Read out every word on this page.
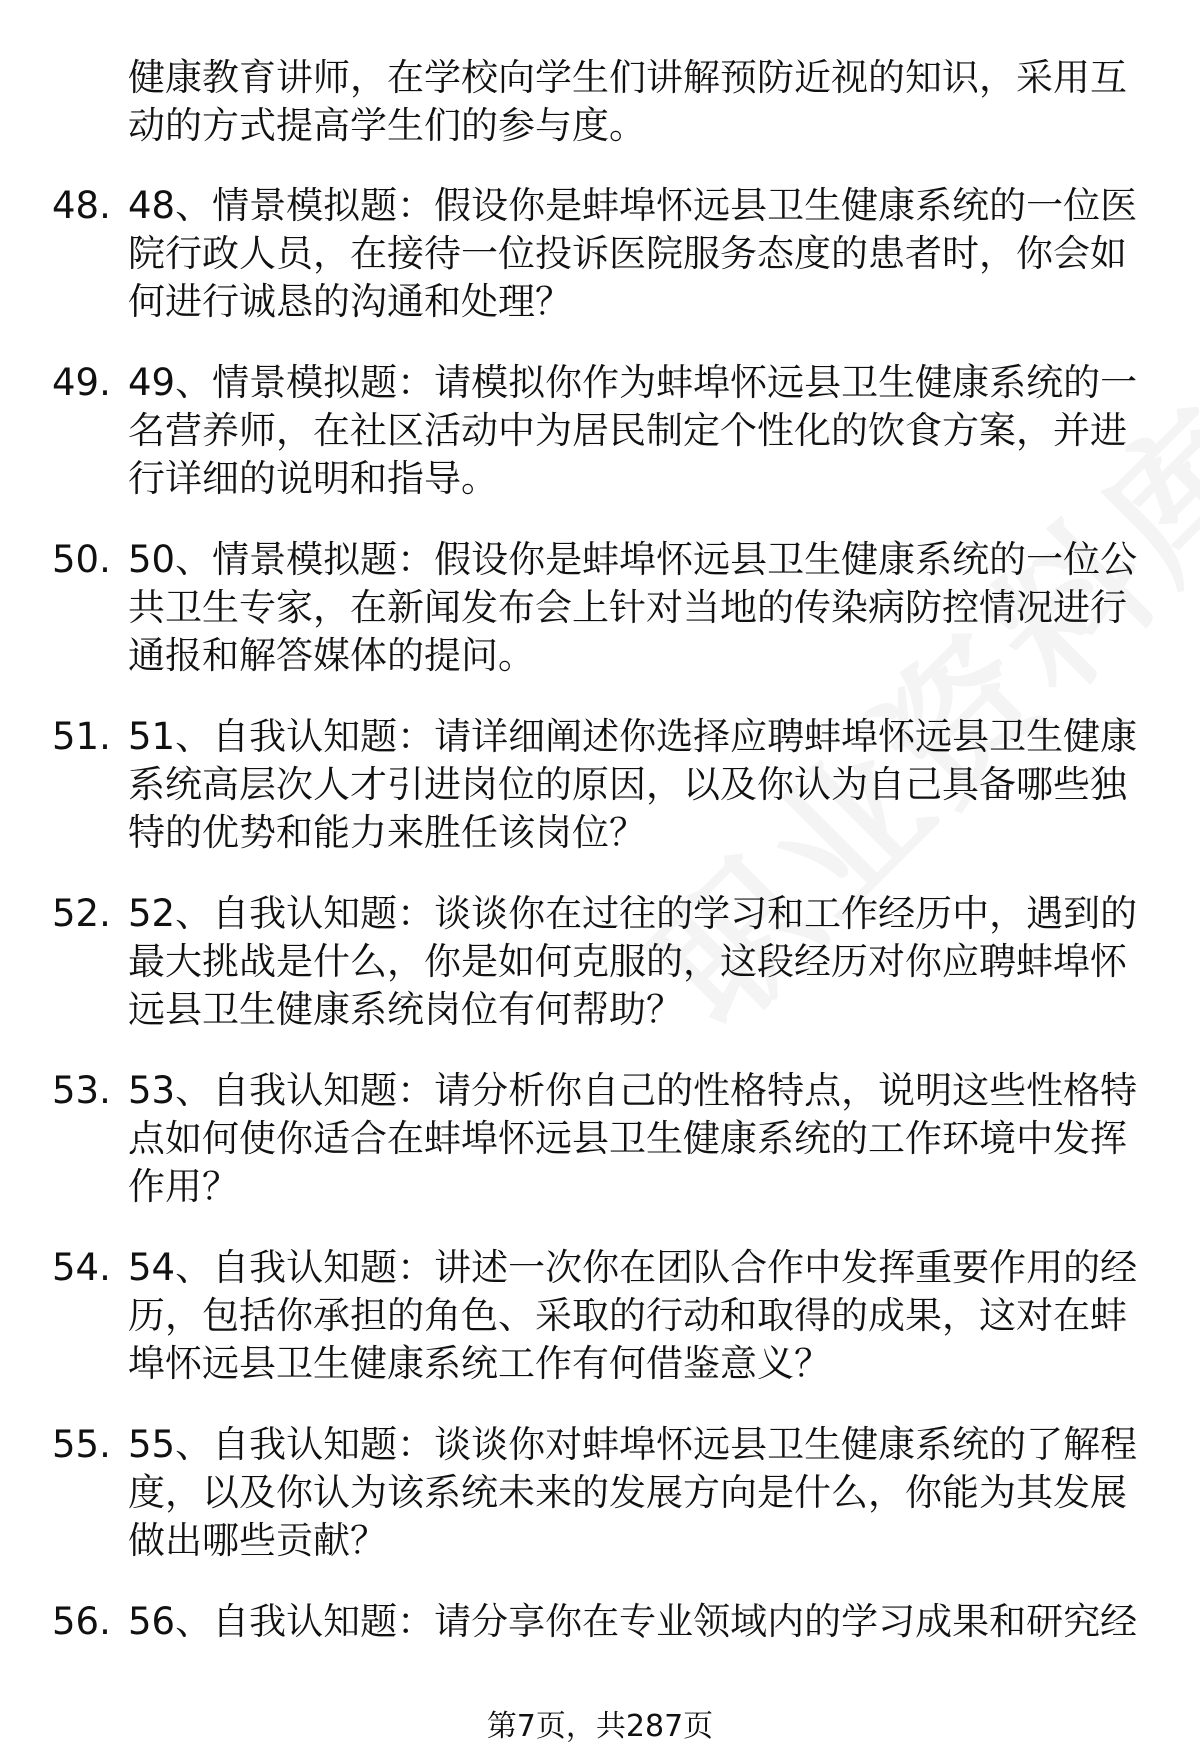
健康教育讲师，在学校向学生们讲解预防近视的知识，采用互动的方式提高学生们的参与度。
48. 48、情景模拟题：假设你是蚌埠怀远县卫生健康系统的一位医院行政人员，在接待一位投诉医院服务态度的患者时，你会如何进行诚恳的沟通和处理？
49. 49、情景模拟题：请模拟你作为蚌埠怀远县卫生健康系统的一名营养师，在社区活动中为居民制定个性化的饮食方案，并进行详细的说明和指导。
50. 50、情景模拟题：假设你是蚌埠怀远县卫生健康系统的一位公共卫生专家，在新闻发布会上针对当地的传染病防控情况进行通报和解答媒体的提问。
51. 51、自我认知题：请详细阐述你选择应聘蚌埠怀远县卫生健康系统高层次人才引进岗位的原因，以及你认为自己具备哪些独特的优势和能力来胜任该岗位？
52. 52、自我认知题：谈谈你在过往的学习和工作经历中，遇到的最大挑战是什么，你是如何克服的，这段经历对你应聘蚌埠怀远县卫生健康系统岗位有何帮助？
53. 53、自我认知题：请分析你自己的性格特点，说明这些性格特点如何使你适合在蚌埠怀远县卫生健康系统的工作环境中发挥作用？
54. 54、自我认知题：讲述一次你在团队合作中发挥重要作用的经历，包括你承担的角色、采取的行动和取得的成果，这对在蚌埠怀远县卫生健康系统工作有何借鉴意义？
55. 55、自我认知题：谈谈你对蚌埠怀远县卫生健康系统的了解程度，以及你认为该系统未来的发展方向是什么，你能为其发展做出哪些贡献？
56. 56、自我认知题：请分享你在专业领域内的学习成果和研究经
第7页，共287页
